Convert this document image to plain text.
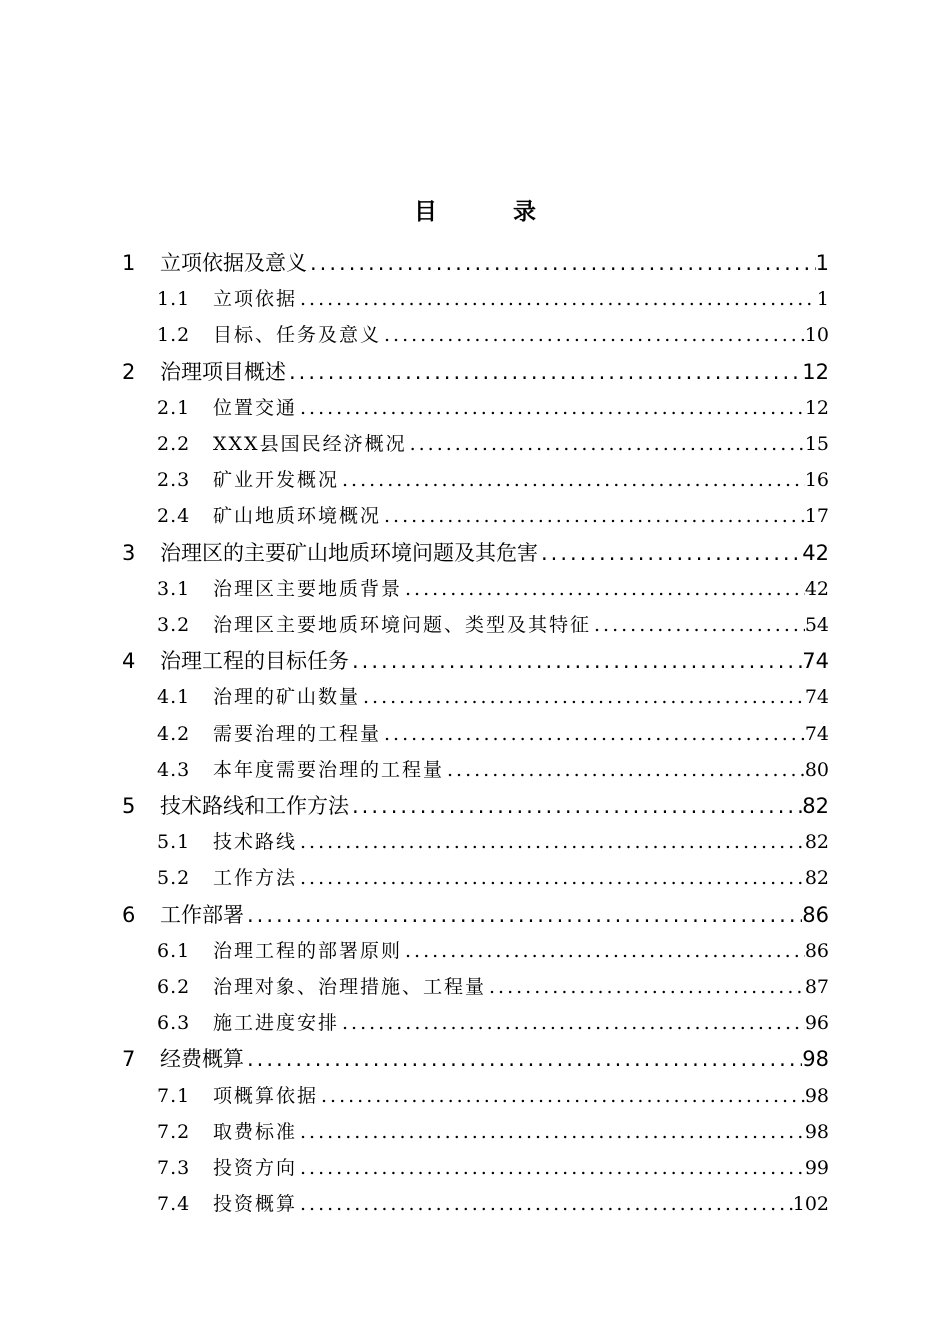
目 录
1	立项依据及意义 .....	1
1.1	立项依据 .....	1
1.2	目标、任务及意义 .....	10
2	治理项目概述 .....	12
2.1	位置交通 .....	12
2.2	XXX县国民经济概况 .....	15
2.3	矿业开发概况 .....	16
2.4	矿山地质环境概况 .....	17
3	治理区的主要矿山地质环境问题及其危害 .....	42
3.1	治理区主要地质背景 .....	42
3.2	治理区主要地质环境问题、类型及其特征 .....	54
4	治理工程的目标任务 .....	74
4.1	治理的矿山数量 .....	74
4.2	需要治理的工程量 .....	74
4.3	本年度需要治理的工程量 .....	80
5	技术路线和工作方法 .....	82
5.1	技术路线 .....	82
5.2	工作方法 .....	82
6	工作部署 .....	86
6.1	治理工程的部署原则 .....	86
6.2	治理对象、治理措施、工程量 .....	87
6.3	施工进度安排 .....	96
7	经费概算 .....	98
7.1	项概算依据 .....	98
7.2	取费标准 .....	98
7.3	投资方向 .....	99
7.4	投资概算 .....	102
